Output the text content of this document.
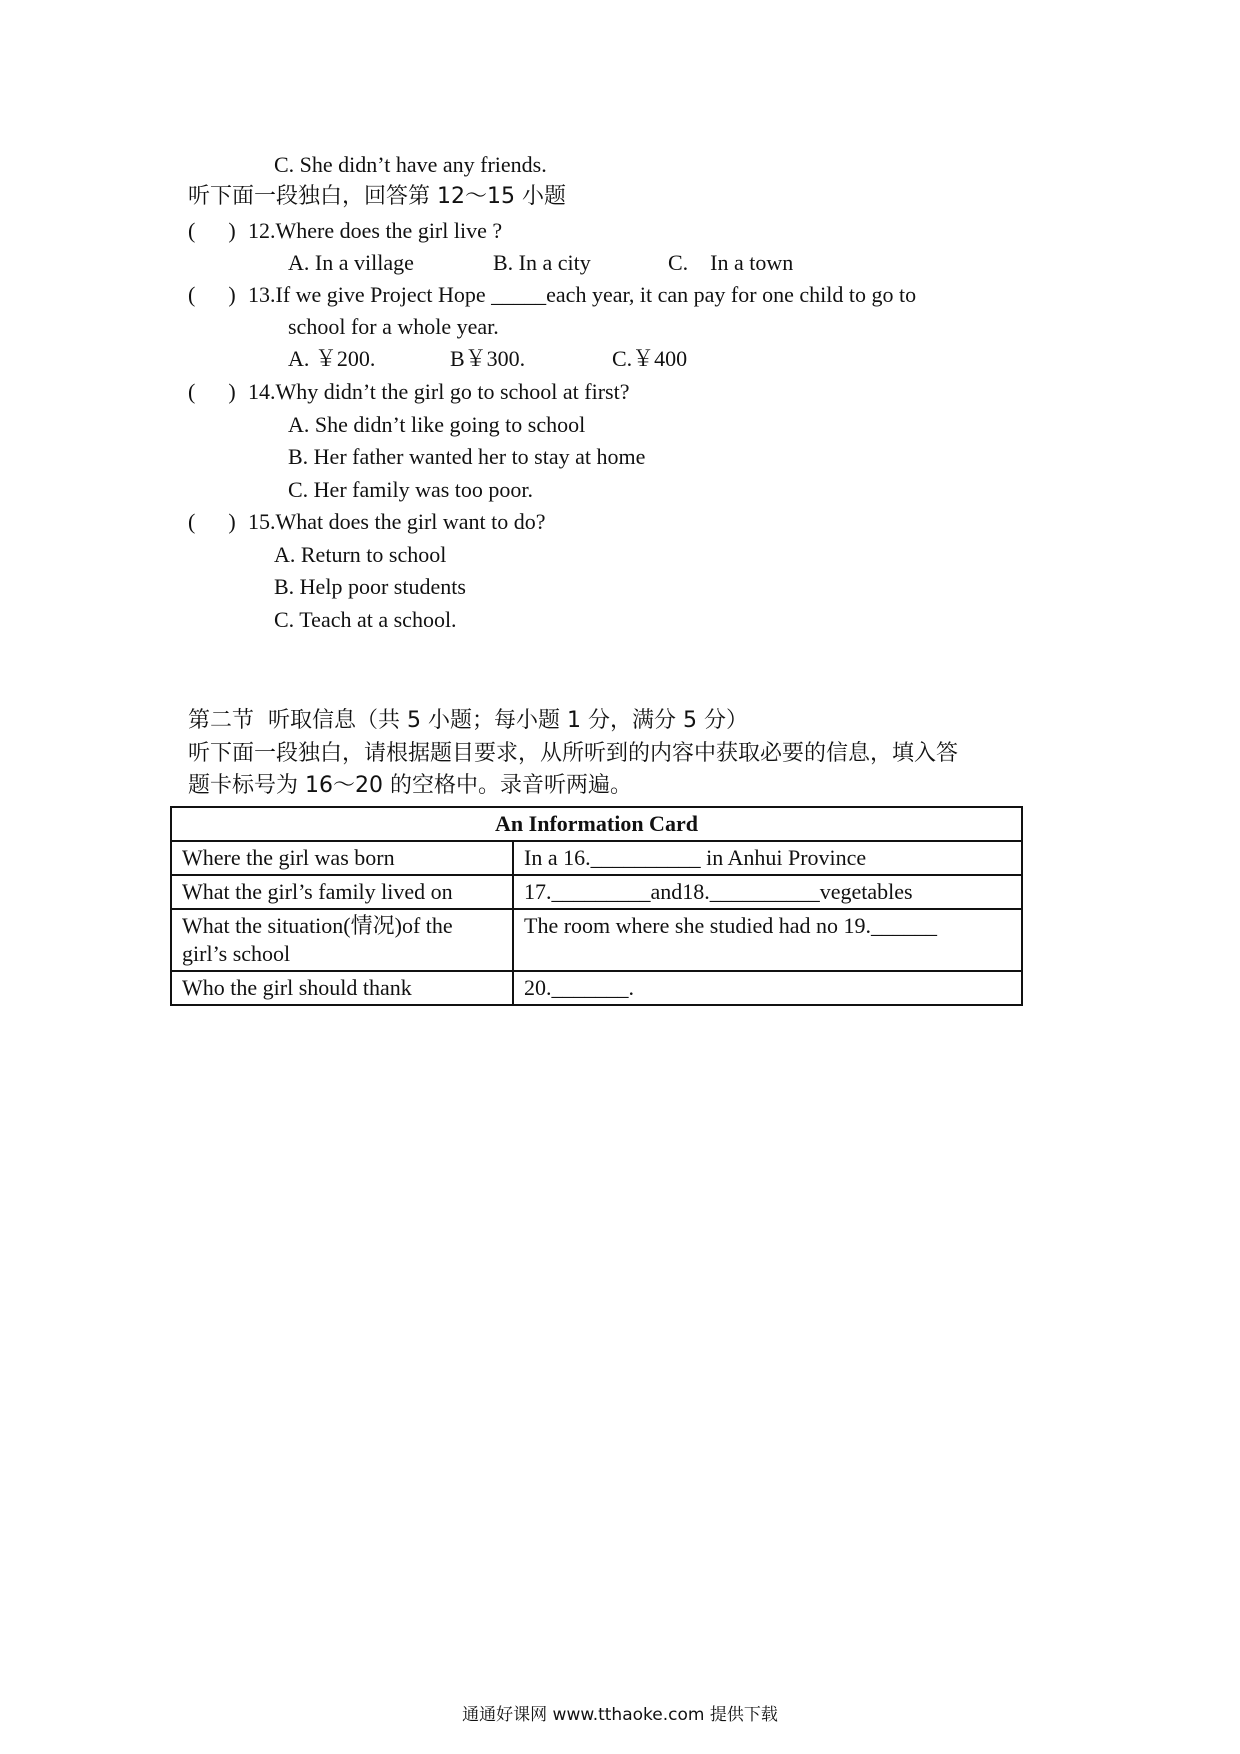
C. She didn’t have any friends.
听下面一段独白，回答第 12～15 小题
(      ) 12.Where does the girl live ?
A. In a village	B. In a city	C.    In a town
(      ) 13.If we give Project Hope _____each year, it can pay for one child to go to
school for a whole year.
A. ￥200.	B￥300.	C.￥400
(      ) 14.Why didn’t the girl go to school at first?
A. She didn’t like going to school
B. Her father wanted her to stay at home
C. Her family was too poor.
(      ) 15.What does the girl want to do?
A. Return to school
B. Help poor students
C. Teach at a school.
第二节  听取信息（共 5 小题；每小题 1 分，满分 5 分）
听下面一段独白，请根据题目要求，从所听到的内容中获取必要的信息，填入答
题卡标号为 16～20 的空格中。录音听两遍。
An Information Card	
Where the girl was born	In a 16.__________ in Anhui Province
What the girl’s family lived on	17._________and18.__________vegetables
What the situation(情况)of the girl’s school	The room where she studied had no 19.______
Who the girl should thank	20._______.
通通好课网 www.tthaoke.com 提供下载
